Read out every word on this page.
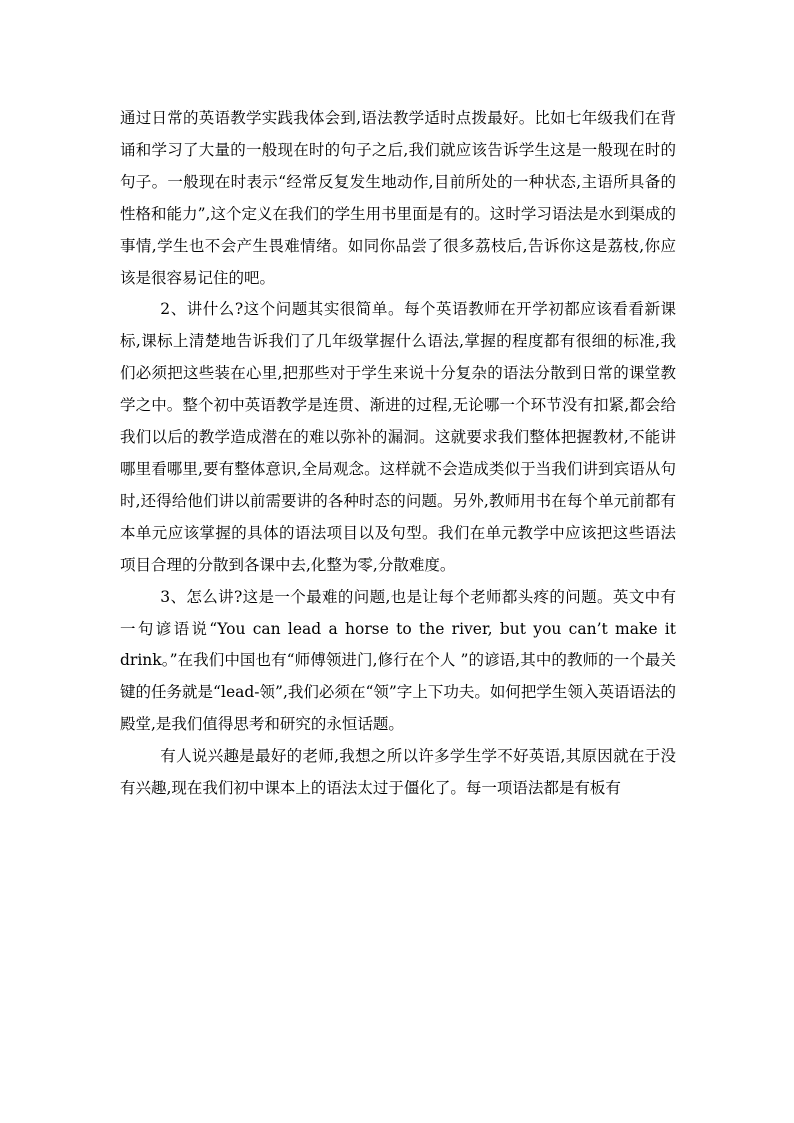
通过日常的英语教学实践我体会到,语法教学适时点拨最好。比如七年级我们在背诵和学习了大量的一般现在时的句子之后,我们就应该告诉学生这是一般现在时的句子。一般现在时表示“经常反复发生地动作,目前所处的一种状态,主语所具备的性格和能力”,这个定义在我们的学生用书里面是有的。这时学习语法是水到渠成的事情,学生也不会产生畏难情绪。如同你品尝了很多荔枝后,告诉你这是荔枝,你应该是很容易记住的吧。

2、讲什么?这个问题其实很简单。每个英语教师在开学初都应该看看新课标,课标上清楚地告诉我们了几年级掌握什么语法,掌握的程度都有很细的标准,我们必须把这些装在心里,把那些对于学生来说十分复杂的语法分散到日常的课堂教学之中。整个初中英语教学是连贯、渐进的过程,无论哪一个环节没有扣紧,都会给我们以后的教学造成潜在的难以弥补的漏洞。这就要求我们整体把握教材,不能讲哪里看哪里,要有整体意识,全局观念。这样就不会造成类似于当我们讲到宾语从句时,还得给他们讲以前需要讲的各种时态的问题。另外,教师用书在每个单元前都有本单元应该掌握的具体的语法项目以及句型。我们在单元教学中应该把这些语法项目合理的分散到各课中去,化整为零,分散难度。

3、怎么讲?这是一个最难的问题,也是让每个老师都头疼的问题。英文中有一句谚语说“You can lead a horse to the river, but you can’t make it drink。”在我们中国也有“师傅领进门,修行在个人 ”的谚语,其中的教师的一个最关键的任务就是“lead-领”,我们必须在“领”字上下功夫。如何把学生领入英语语法的殿堂,是我们值得思考和研究的永恒话题。

有人说兴趣是最好的老师,我想之所以许多学生学不好英语,其原因就在于没有兴趣,现在我们初中课本上的语法太过于僵化了。每一项语法都是有板有
